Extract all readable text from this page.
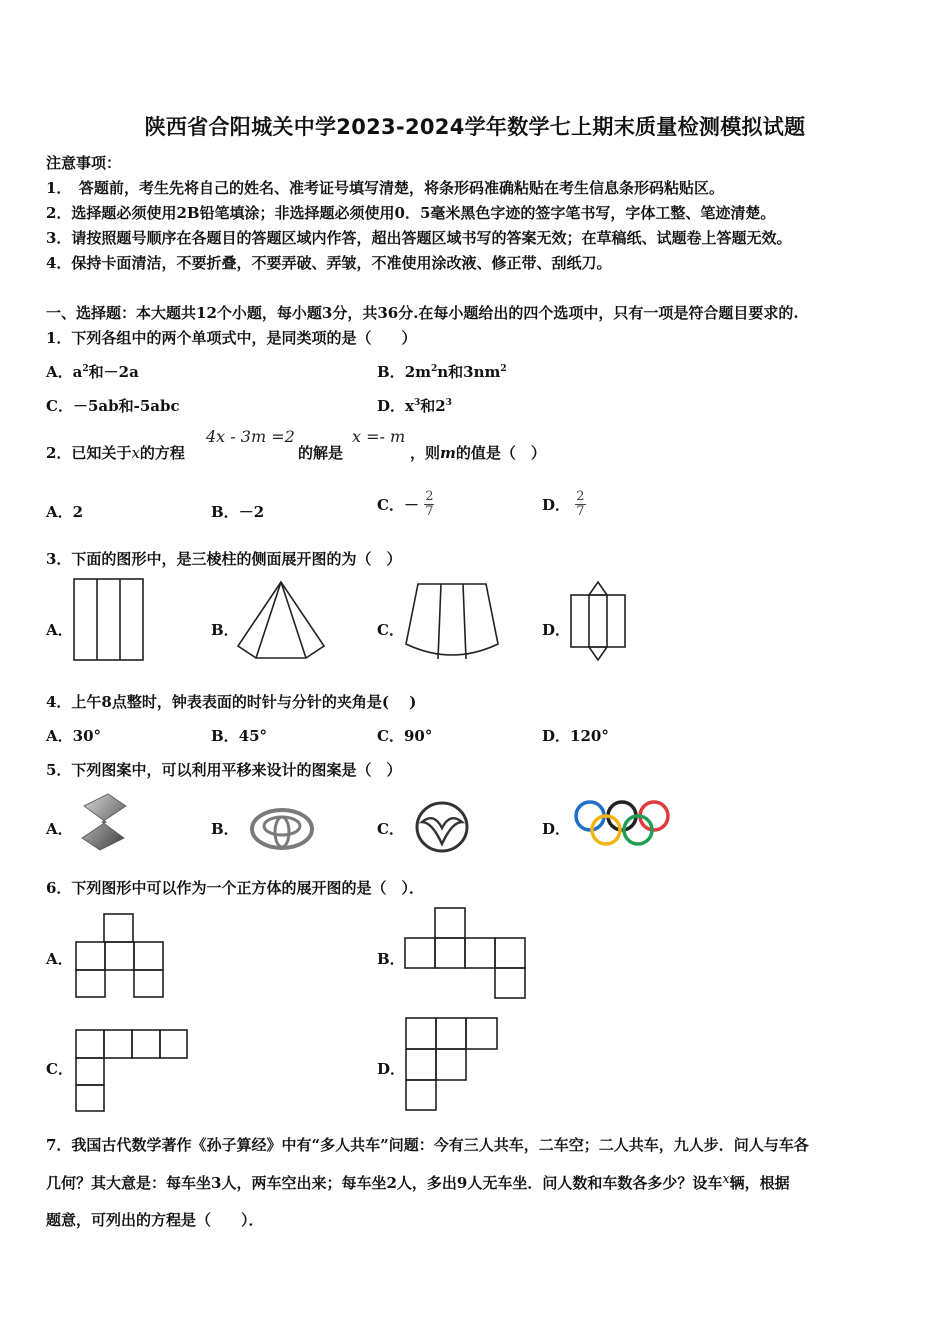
陕西省合阳城关中学2023-2024学年数学七上期末质量检测模拟试题
注意事项：
1．　答题前，考生先将自己的姓名、准考证号填写清楚，将条形码准确粘贴在考生信息条形码粘贴区。
2．选择题必须使用2B铅笔填涂；非选择题必须使用0．5毫米黑色字迹的签字笔书写，字体工整、笔迹清楚。
3．请按照题号顺序在各题目的答题区域内作答，超出答题区域书写的答案无效；在草稿纸、试题卷上答题无效。
4．保持卡面清洁，不要折叠，不要弄破、弄皱，不准使用涂改液、修正带、刮纸刀。
一、选择题：本大题共12个小题，每小题3分，共36分.在每小题给出的四个选项中，只有一项是符合题目要求的.
1．下列各组中的两个单项式中，是同类项的是（　　）
A．$a^2$和－2a	B．$2m^2n$和$3nm^2$
C．－5ab和-5abc	D．$x^3$和$2^3$
2．已知关于x的方程
4x - 3m =2
的解是
x =- m
，则m的值是（　）
A．2	B．－2	C．－ $\frac{2}{7}$	D． $\frac{2}{7}$
3．下面的图形中，是三棱柱的侧面展开图的为（　）
A．	B．	C．	D．
4．上午8点整时，钟表表面的时针与分针的夹角是(　 )
A．30°	B．45°	C．90°	D．120°
5．下列图案中，可以利用平移来设计的图案是（　）
A．	B．	C．	D．
6．下列图形中可以作为一个正方体的展开图的是（　）．
A．	B．
C．	D．
7．我国古代数学著作《孙子算经》中有“多人共车”问题：今有三人共车，二车空；二人共车，九人步．问人与车各
几何？其大意是：每车坐3人，两车空出来；每车坐2人，多出9人无车坐．问人数和车数各多少？设车x辆，根据
题意，可列出的方程是（　　）．
